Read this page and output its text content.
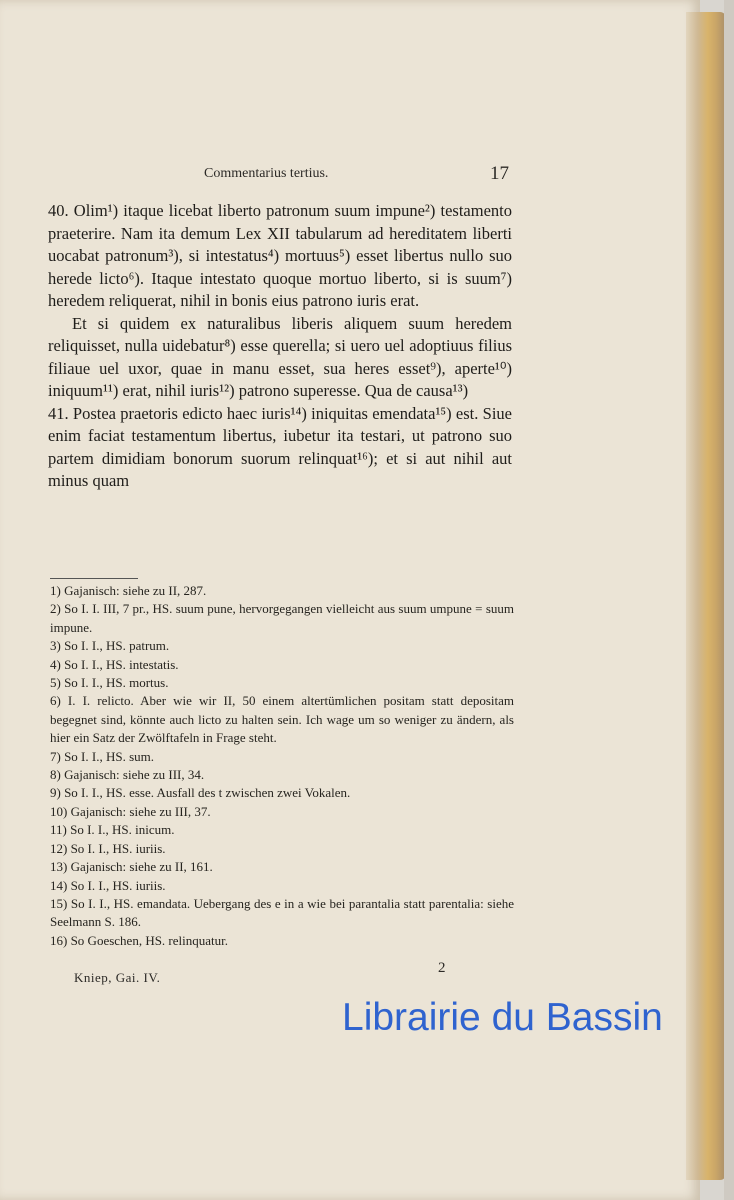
Commentarius tertius.	17

40. Olim¹) itaque licebat liberto patronum suum impune²) testamento praeterire. Nam ita demum Lex XII tabularum ad hereditatem liberti uocabat patronum³), si intestatus⁴) mortuus⁵) esset libertus nullo suo herede licto⁶). Itaque intestato quoque mortuo liberto, si is suum⁷) heredem reliquerat, nihil in bonis eius patrono iuris erat.

Et si quidem ex naturalibus liberis aliquem suum heredem reliquisset, nulla uidebatur⁸) esse querella; si uero uel adoptiuus filius filiaue uel uxor, quae in manu esset, sua heres esset⁹), aperte¹⁰) iniquum¹¹) erat, nihil iuris¹²) patrono superesse. Qua de causa¹³)

41. Postea praetoris edicto haec iuris¹⁴) iniquitas emendata¹⁵) est. Siue enim faciat testamentum libertus, iubetur ita testari, ut patrono suo partem dimidiam bonorum suorum relinquat¹⁶); et si aut nihil aut minus quam

1) Gajanisch: siehe zu II, 287.

2) So I. I. III, 7 pr., HS. suum pune, hervorgegangen vielleicht aus suum umpune = suum impune.

3) So I. I., HS. patrum.

4) So I. I., HS. intestatis.

5) So I. I., HS. mortus.

6) I. I. relicto. Aber wie wir II, 50 einem altertümlichen positam statt depositam begegnet sind, könnte auch licto zu halten sein. Ich wage um so weniger zu ändern, als hier ein Satz der Zwölftafeln in Frage steht.

7) So I. I., HS. sum.

8) Gajanisch: siehe zu III, 34.

9) So I. I., HS. esse. Ausfall des t zwischen zwei Vokalen.

10) Gajanisch: siehe zu III, 37.

11) So I. I., HS. inicum.

12) So I. I., HS. iuriis.

13) Gajanisch: siehe zu II, 161.

14) So I. I., HS. iuriis.

15) So I. I., HS. emandata. Uebergang des e in a wie bei parantalia statt parentalia: siehe Seelmann S. 186.

16) So Goeschen, HS. relinquatur.

Kniep, Gai. IV.
2
Librairie du Bassin
